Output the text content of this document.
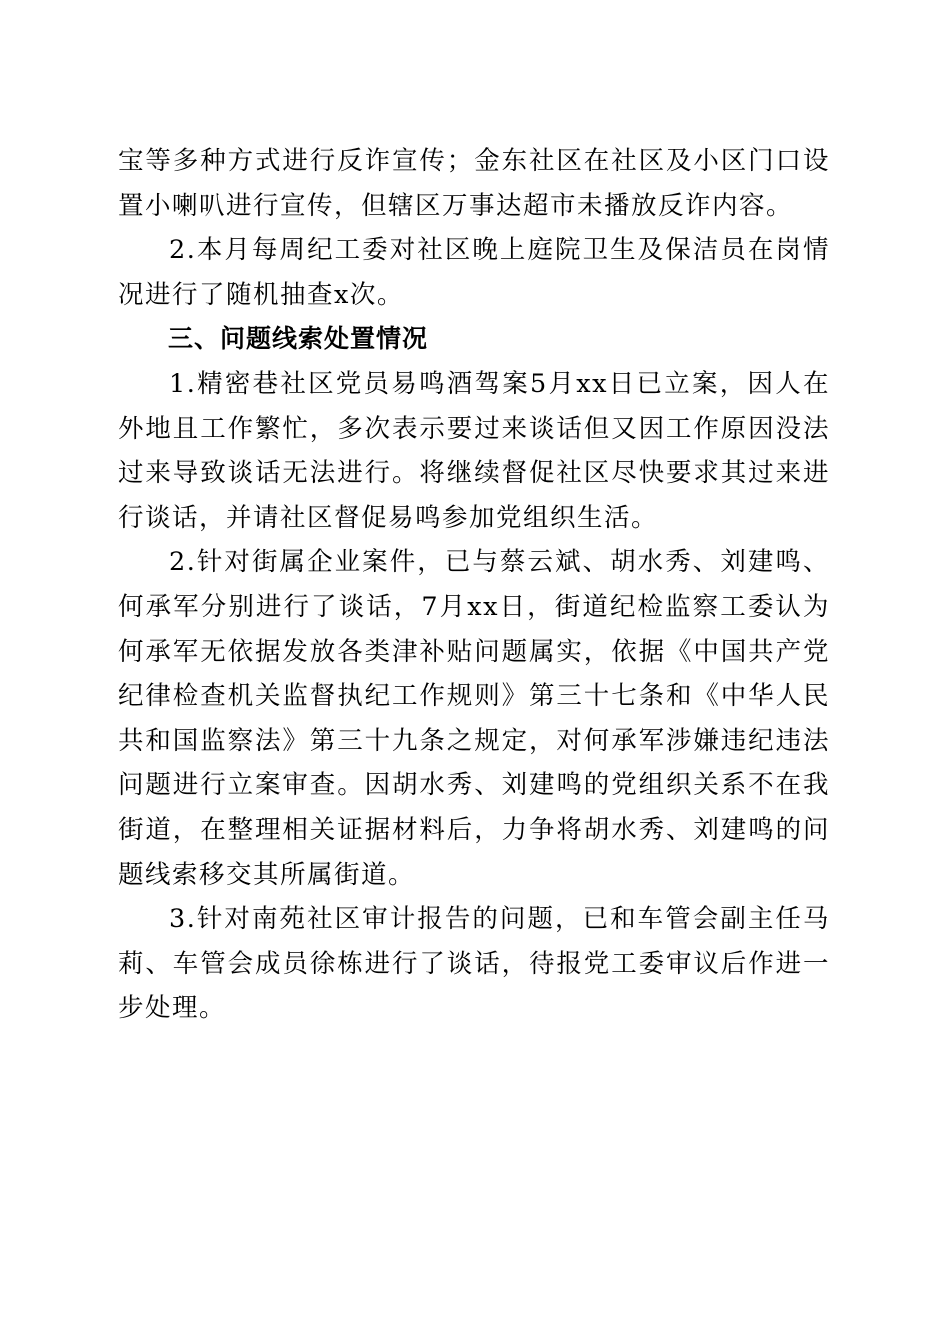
宝等多种方式进行反诈宣传；金东社区在社区及小区门口设置小喇叭进行宣传，但辖区万事达超市未播放反诈内容。

2.本月每周纪工委对社区晚上庭院卫生及保洁员在岗情况进行了随机抽查x次。

三、问题线索处置情况

1.精密巷社区党员易鸣酒驾案5月xx日已立案，因人在外地且工作繁忙，多次表示要过来谈话但又因工作原因没法过来导致谈话无法进行。将继续督促社区尽快要求其过来进行谈话，并请社区督促易鸣参加党组织生活。

2.针对街属企业案件，已与蔡云斌、胡水秀、刘建鸣、何承军分别进行了谈话，7月xx日，街道纪检监察工委认为何承军无依据发放各类津补贴问题属实，依据《中国共产党纪律检查机关监督执纪工作规则》第三十七条和《中华人民共和国监察法》第三十九条之规定，对何承军涉嫌违纪违法问题进行立案审查。因胡水秀、刘建鸣的党组织关系不在我街道，在整理相关证据材料后，力争将胡水秀、刘建鸣的问题线索移交其所属街道。

3.针对南苑社区审计报告的问题，已和车管会副主任马莉、车管会成员徐栋进行了谈话，待报党工委审议后作进一步处理。
